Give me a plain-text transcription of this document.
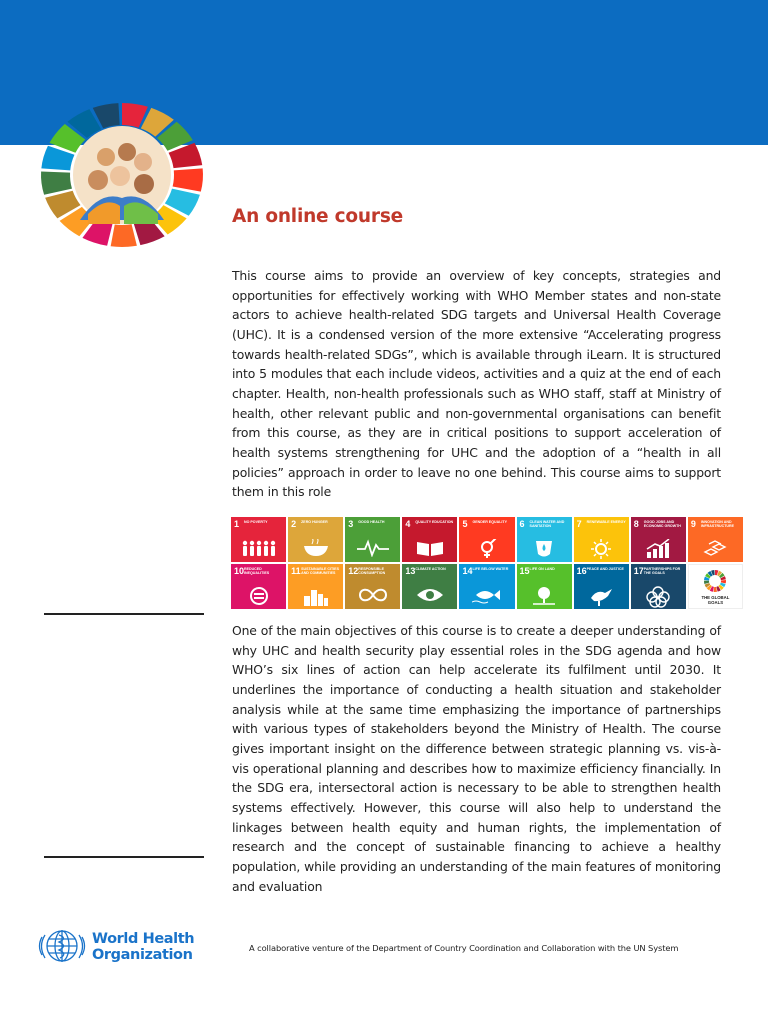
An online course

This course aims to provide an overview of key concepts, strategies and opportunities for effectively working with WHO Member states and non-state actors to achieve health-related SDG targets and Universal Health Coverage (UHC). It is a condensed version of the more extensive “Accelerating progress towards health-related SDGs”, which is available through iLearn. It is structured into 5 modules that each include videos, activities and a quiz at the end of each chapter. Health, non-health professionals such as WHO staff, staff at Ministry of health, other relevant public and non-governmental organisations can benefit from this course, as they are in critical positions to support acceleration of health systems strengthening for UHC and the adoption of a “health in all policies” approach in order to leave no one behind. This course aims to support them in this role

1 NO POVERTY	2 ZERO HUNGER	3 GOOD HEALTH	4 QUALITY EDUCATION 5 GENDER EQUALITY	6 CLEAN WATER AND SANITATION	7 RENEWABLE ENERGY 8 GOOD JOBS AND ECONOMIC GROWTH	9 INNOVATION AND INFRASTRUCTURE
10 REDUCED INEQUALITIES	11 SUSTAINABLE CITIES AND COMMUNITIES	12 RESPONSIBLE CONSUMPTION	13 CLIMATE ACTION	14 LIFE BELOW WATER	15 LIFE ON LAND	16 PEACE AND JUSTICE	17 PARTNERSHIPS FOR THE GOALS
THE GLOBAL GOALS

One of the main objectives of this course is to create a deeper understanding of why UHC and health security play essential roles in the SDG agenda and how WHO’s six lines of action can help accelerate its fulfilment until 2030. It underlines the importance of conducting a health situation and stakeholder analysis while at the same time emphasizing the importance of partnerships with various types of stakeholders beyond the Ministry of Health. The course gives important insight on the difference between strategic planning vs. vis-à-vis operational planning and describes how to maximize efficiency financially. In the SDG era, intersectoral action is necessary to be able to strengthen health systems effectively. However, this course will also help to understand the linkages between health equity and human rights, the implementation of research and the concept of sustainable financing to achieve a healthy population, while providing an understanding of the main features of monitoring and evaluation

World Health
Organization	A collaborative venture of the Department of Country Coordination and Collaboration with the UN System
